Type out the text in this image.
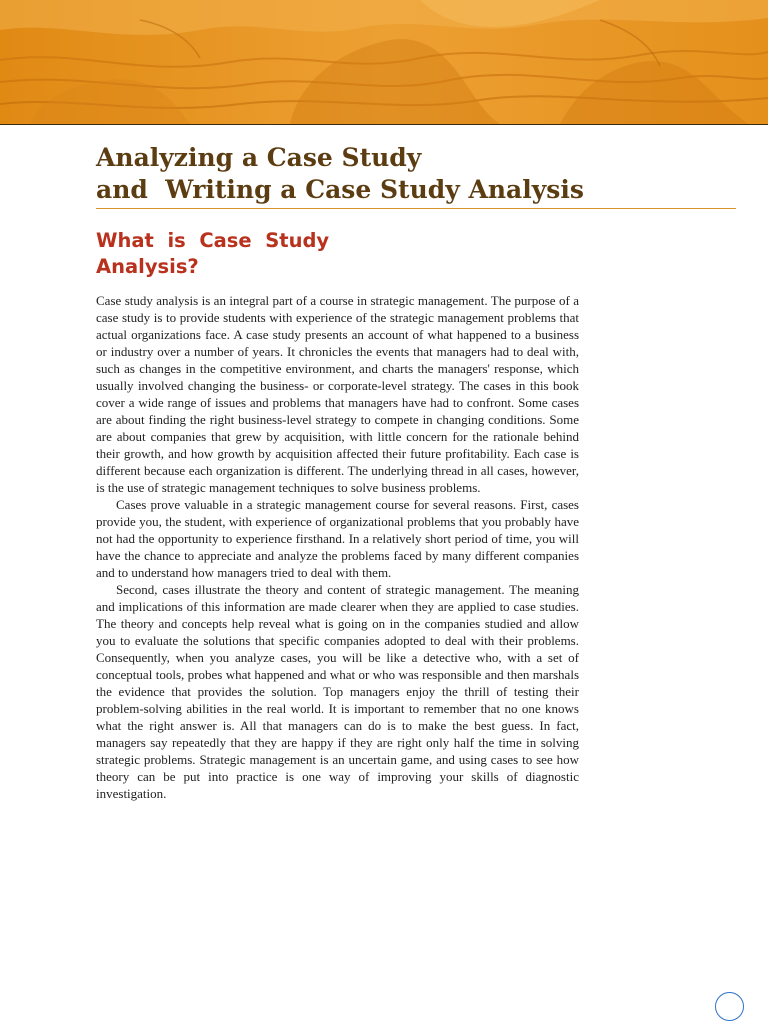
Analyzing a Case Study
and  Writing a Case Study Analysis
What  is  Case  Study
Analysis?

Case study analysis is an integral part of a course in strategic management. The purpose of a case study is to provide students with experience of the strategic management problems that actual organizations face. A case study presents an account of what happened to a business or industry over a number of years. It chronicles the events that managers had to deal with, such as changes in the competitive environment, and charts the managers' response, which usually involved changing the business- or corporate-level strategy. The cases in this book cover a wide range of issues and problems that managers have had to confront. Some cases are about finding the right business-level strategy to compete in changing conditions. Some are about companies that grew by acquisition, with little concern for the rationale behind their growth, and how growth by acquisition affected their future profitability. Each case is different because each organization is different. The underlying thread in all cases, however, is the use of strategic management techniques to solve business problems.

Cases prove valuable in a strategic management course for several reasons. First, cases provide you, the student, with experience of organizational problems that you probably have not had the opportunity to experience firsthand. In a relatively short period of time, you will have the chance to appreciate and analyze the problems faced by many different companies and to understand how managers tried to deal with them.

Second, cases illustrate the theory and content of strategic management. The meaning and implications of this information are made clearer when they are applied to case studies. The theory and concepts help reveal what is going on in the companies studied and allow you to evaluate the solutions that specific companies adopted to deal with their problems. Consequently, when you analyze cases, you will be like a detective who, with a set of conceptual tools, probes what happened and what or who was responsible and then marshals the evidence that provides the solution. Top managers enjoy the thrill of testing their problem-solving abilities in the real world. It is important to remember that no one knows what the right answer is. All that managers can do is to make the best guess. In fact, managers say repeatedly that they are happy if they are right only half the time in solving strategic problems. Strategic management is an uncertain game, and using cases to see how theory can be put into practice is one way of improving your skills of diagnostic investigation.
